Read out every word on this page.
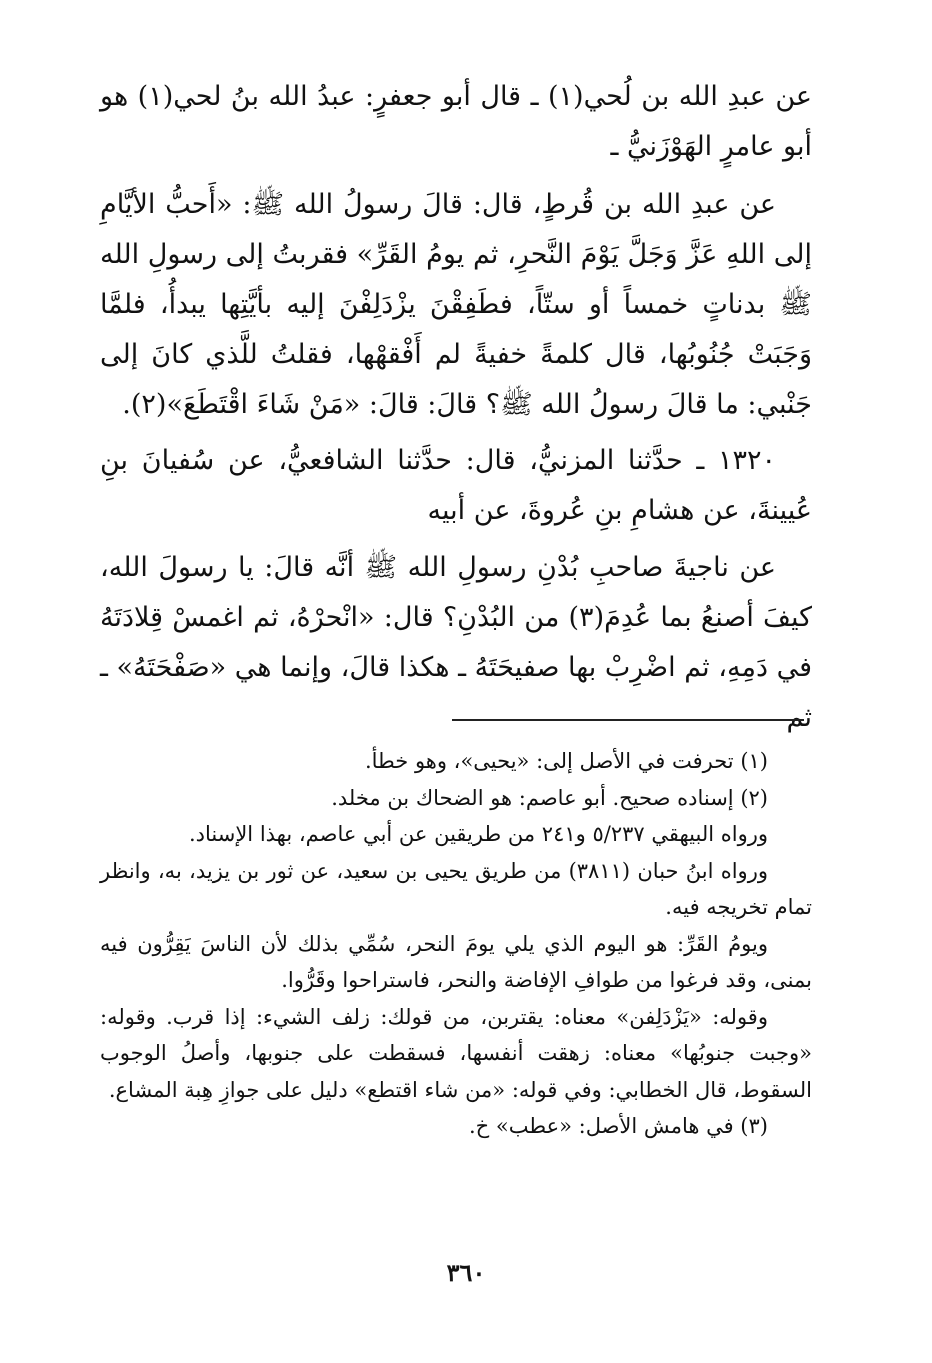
عن عبدِ الله بن لُحي(١) ـ قال أبو جعفرٍ: عبدُ الله بنُ لحي(١) هو أبو عامرٍ الهَوْزَنيُّ ـ

عن عبدِ الله بن قُرطٍ، قال: قالَ رسولُ الله ﷺ: «أَحبُّ الأيَّامِ إلى اللهِ عَزَّ وَجَلَّ يَوْمَ النَّحرِ، ثم يومُ القَرِّ» فقربتُ إلى رسولِ الله ﷺ بدناتٍ خمساً أو ستّاً، فطَفِقْنَ يزْدَلِفْنَ إليه بأيَّتِها يبدأُ، فلمَّا وَجَبَتْ جُنُوبُها، قال كلمةً خفيةً لم أَفْقهْها، فقلتُ للَّذي كانَ إلى جَنْبي: ما قالَ رسولُ الله ﷺ؟ قالَ: قالَ: «مَنْ شَاءَ اقْتَطَعَ»(٢).

١٣٢٠ ـ حدَّثنا المزنيُّ، قال: حدَّثنا الشافعيُّ، عن سُفيانَ بنِ عُيينةَ، عن هشامِ بنِ عُروةَ، عن أبيه

عن ناجيةَ صاحبِ بُدْنِ رسولِ الله ﷺ أنَّه قالَ: يا رسولَ الله، كيفَ أصنعُ بما عُدِمَ(٣) من البُدْنِ؟ قال: «انْحرْهُ، ثم اغمسْ قِلادَتَهُ في دَمِهِ، ثم اضْرِبْ بها صفيحَتَهُ ـ هكذا قالَ، وإنما هي «صَفْحَتَهُ» ـ ثم

(١) تحرفت في الأصل إلى: «يحيى»، وهو خطأ.

(٢) إسناده صحيح. أبو عاصم: هو الضحاك بن مخلد.

ورواه البيهقي ٥/٢٣٧ و٢٤١ من طريقين عن أبي عاصم، بهذا الإسناد.

ورواه ابنُ حبان (٣٨١١) من طريق يحيى بن سعيد، عن ثور بن يزيد، به، وانظر تمام تخريجه فيه.

ويومُ القَرِّ: هو اليوم الذي يلي يومَ النحر، سُمِّي بذلك لأن الناسَ يَقِرُّون فيه بمنى، وقد فرغوا من طوافِ الإفاضة والنحر، فاستراحوا وقَرُّوا.

وقوله: «يَزْدَلِفن» معناه: يقتربن، من قولك: زلف الشيء: إذا قرب. وقوله: «وجبت جنوبُها» معناه: زهقت أنفسها، فسقطت على جنوبها، وأصلُ الوجوب السقوط، قال الخطابي: وفي قوله: «من شاء اقتطع» دليل على جوازِ هِبة المشاع.

(٣) في هامش الأصل: «عطب» خ.

٣٦٠
